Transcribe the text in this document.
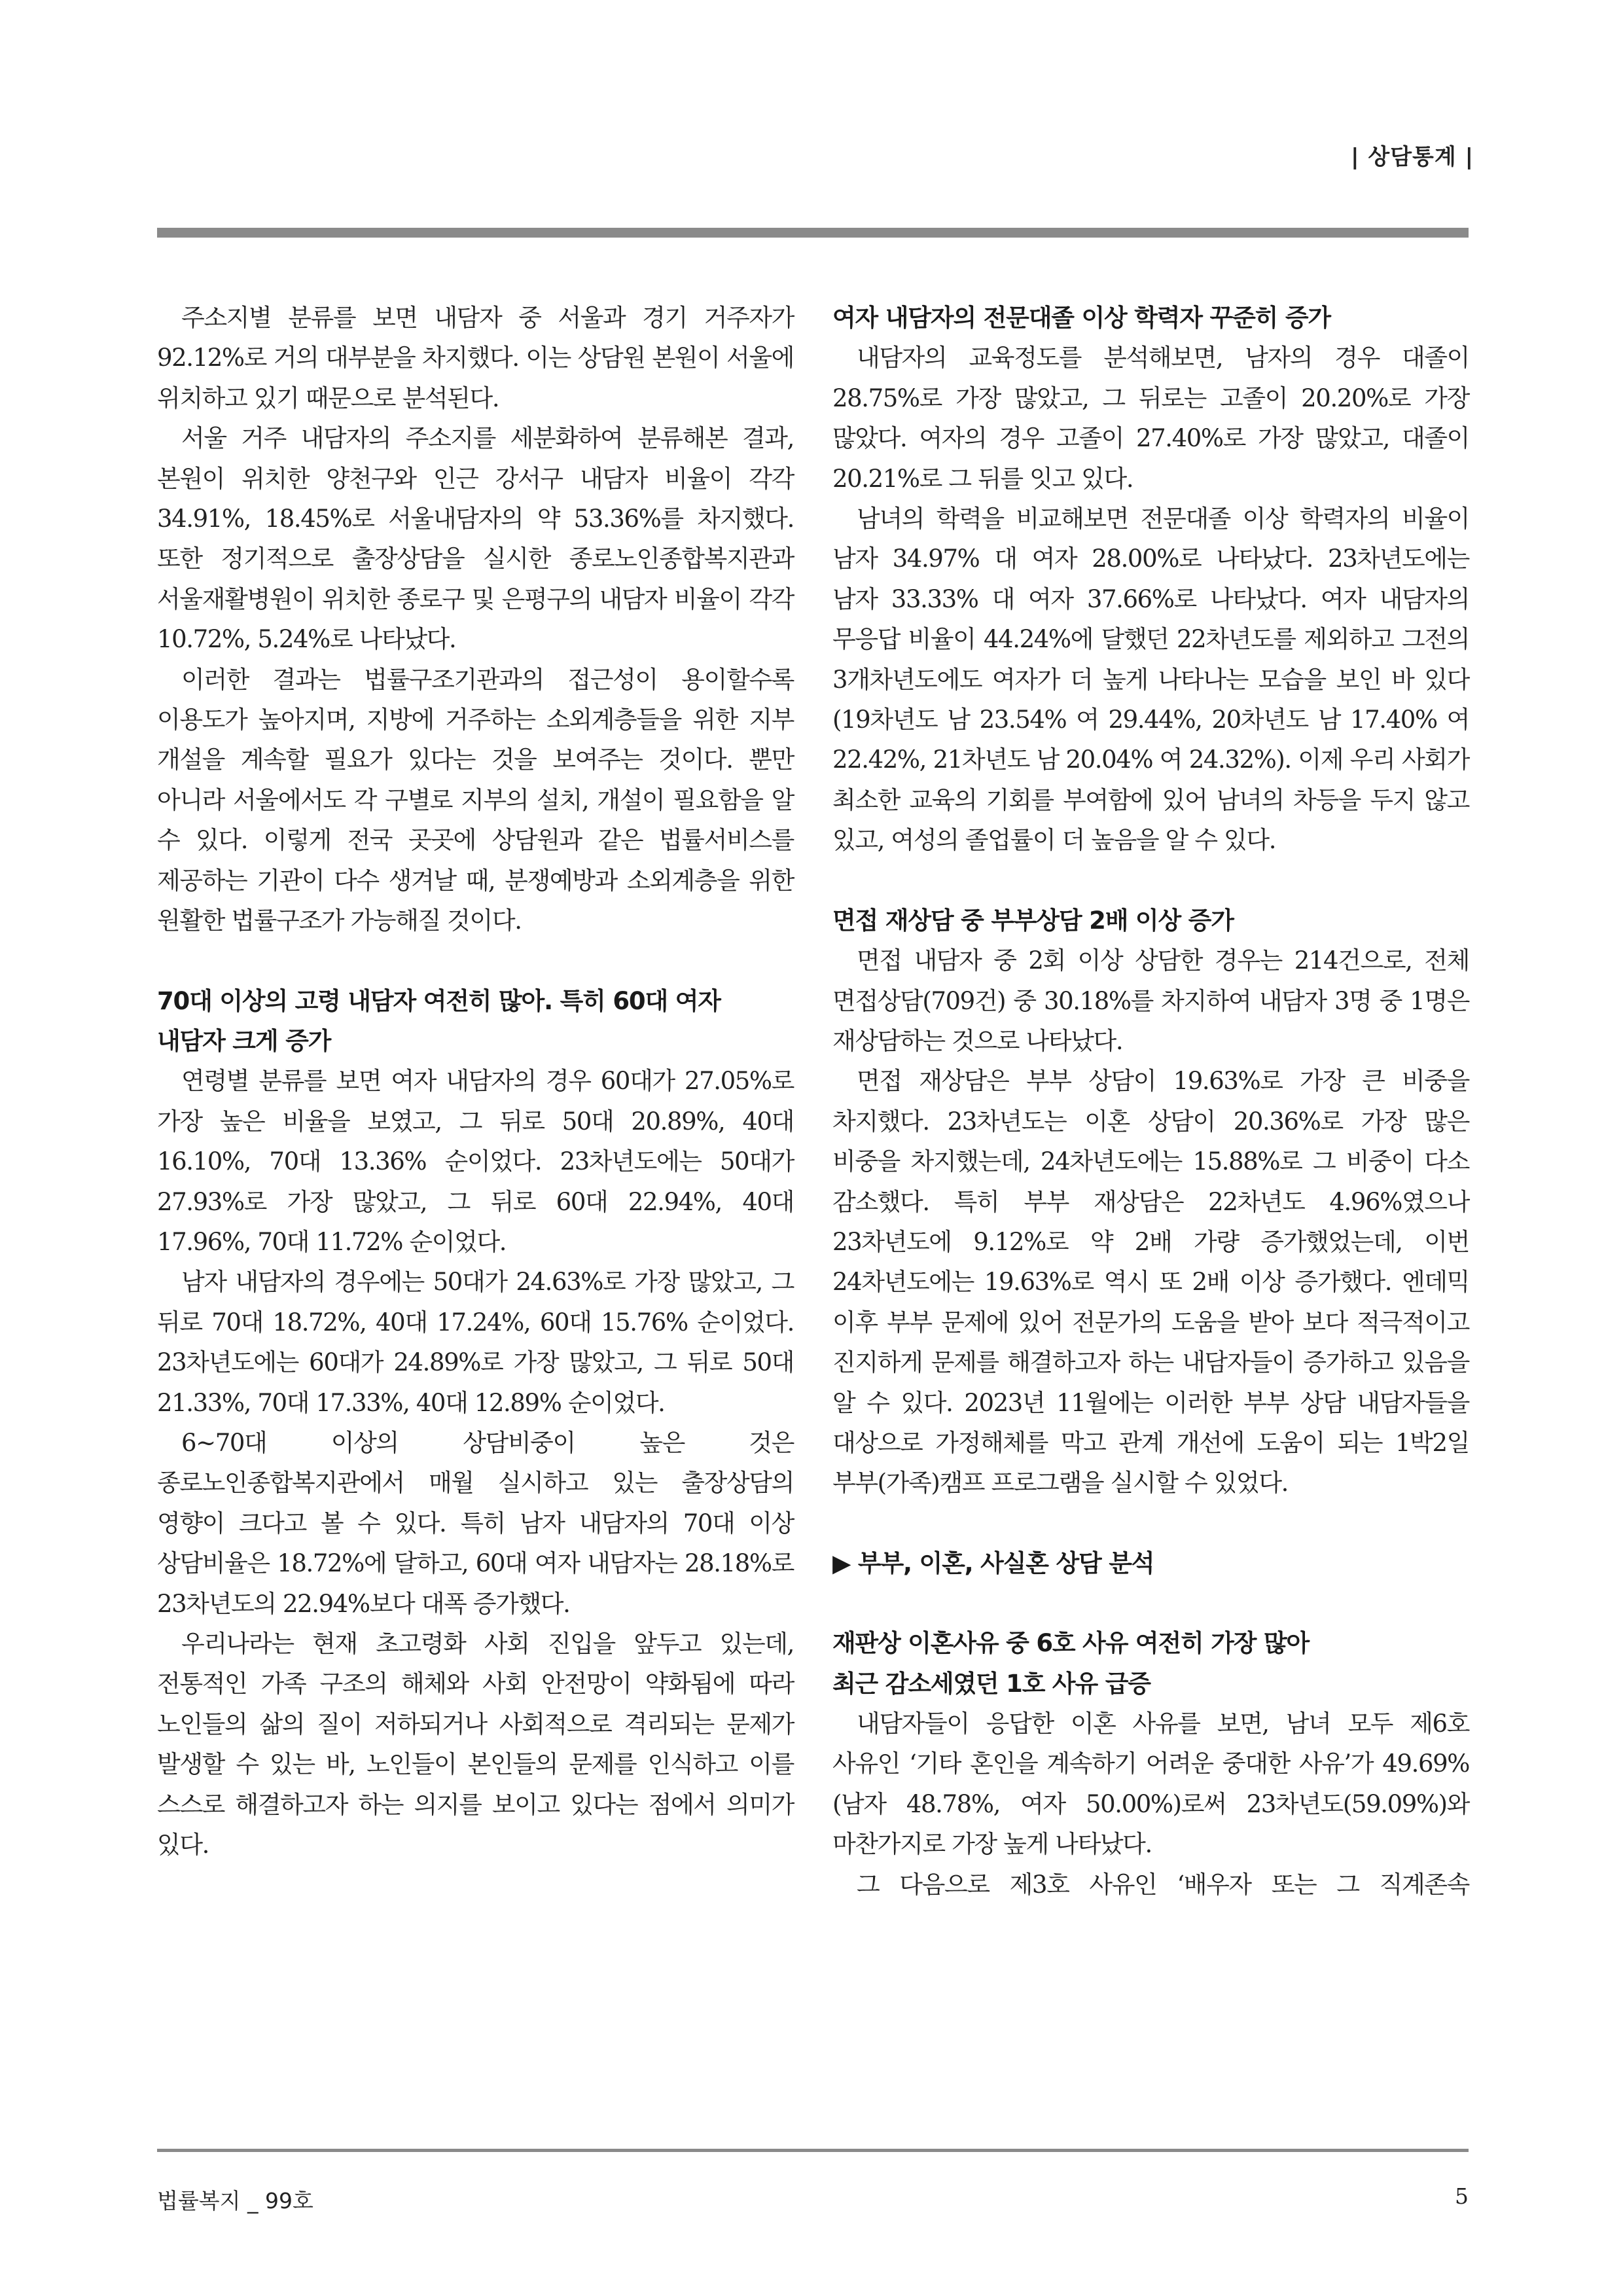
| 상담통계 |

주소지별 분류를 보면 내담자 중 서울과 경기 거주자가 92.12%로 거의 대부분을 차지했다. 이는 상담원 본원이 서울에 위치하고 있기 때문으로 분석된다.

서울 거주 내담자의 주소지를 세분화하여 분류해본 결과, 본원이 위치한 양천구와 인근 강서구 내담자 비율이 각각 34.91%, 18.45%로 서울내담자의 약 53.36%를 차지했다. 또한 정기적으로 출장상담을 실시한 종로노인종합복지관과 서울재활병원이 위치한 종로구 및 은평구의 내담자 비율이 각각 10.72%, 5.24%로 나타났다.

이러한 결과는 법률구조기관과의 접근성이 용이할수록 이용도가 높아지며, 지방에 거주하는 소외계층들을 위한 지부 개설을 계속할 필요가 있다는 것을 보여주는 것이다. 뿐만 아니라 서울에서도 각 구별로 지부의 설치, 개설이 필요함을 알 수 있다. 이렇게 전국 곳곳에 상담원과 같은 법률서비스를 제공하는 기관이 다수 생겨날 때, 분쟁예방과 소외계층을 위한 원활한 법률구조가 가능해질 것이다.

70대 이상의 고령 내담자 여전히 많아. 특히 60대 여자 내담자 크게 증가

연령별 분류를 보면 여자 내담자의 경우 60대가 27.05%로 가장 높은 비율을 보였고, 그 뒤로 50대 20.89%, 40대 16.10%, 70대 13.36% 순이었다. 23차년도에는 50대가 27.93%로 가장 많았고, 그 뒤로 60대 22.94%, 40대 17.96%, 70대 11.72% 순이었다.

남자 내담자의 경우에는 50대가 24.63%로 가장 많았고, 그 뒤로 70대 18.72%, 40대 17.24%, 60대 15.76% 순이었다. 23차년도에는 60대가 24.89%로 가장 많았고, 그 뒤로 50대 21.33%, 70대 17.33%, 40대 12.89% 순이었다.

6~70대 이상의 상담비중이 높은 것은 종로노인종합복지관에서 매월 실시하고 있는 출장상담의 영향이 크다고 볼 수 있다. 특히 남자 내담자의 70대 이상 상담비율은 18.72%에 달하고, 60대 여자 내담자는 28.18%로 23차년도의 22.94%보다 대폭 증가했다.

우리나라는 현재 초고령화 사회 진입을 앞두고 있는데, 전통적인 가족 구조의 해체와 사회 안전망이 약화됨에 따라 노인들의 삶의 질이 저하되거나 사회적으로 격리되는 문제가 발생할 수 있는 바, 노인들이 본인들의 문제를 인식하고 이를 스스로 해결하고자 하는 의지를 보이고 있다는 점에서 의미가 있다.

여자 내담자의 전문대졸 이상 학력자 꾸준히 증가

내담자의 교육정도를 분석해보면, 남자의 경우 대졸이 28.75%로 가장 많았고, 그 뒤로는 고졸이 20.20%로 가장 많았다. 여자의 경우 고졸이 27.40%로 가장 많았고, 대졸이 20.21%로 그 뒤를 잇고 있다.

남녀의 학력을 비교해보면 전문대졸 이상 학력자의 비율이 남자 34.97% 대 여자 28.00%로 나타났다. 23차년도에는 남자 33.33% 대 여자 37.66%로 나타났다. 여자 내담자의 무응답 비율이 44.24%에 달했던 22차년도를 제외하고 그전의 3개차년도에도 여자가 더 높게 나타나는 모습을 보인 바 있다(19차년도 남 23.54% 여 29.44%, 20차년도 남 17.40% 여 22.42%, 21차년도 남 20.04% 여 24.32%). 이제 우리 사회가 최소한 교육의 기회를 부여함에 있어 남녀의 차등을 두지 않고 있고, 여성의 졸업률이 더 높음을 알 수 있다.

면접 재상담 중 부부상담 2배 이상 증가

면접 내담자 중 2회 이상 상담한 경우는 214건으로, 전체 면접상담(709건) 중 30.18%를 차지하여 내담자 3명 중 1명은 재상담하는 것으로 나타났다.

면접 재상담은 부부 상담이 19.63%로 가장 큰 비중을 차지했다. 23차년도는 이혼 상담이 20.36%로 가장 많은 비중을 차지했는데, 24차년도에는 15.88%로 그 비중이 다소 감소했다. 특히 부부 재상담은 22차년도 4.96%였으나 23차년도에 9.12%로 약 2배 가량 증가했었는데, 이번 24차년도에는 19.63%로 역시 또 2배 이상 증가했다. 엔데믹 이후 부부 문제에 있어 전문가의 도움을 받아 보다 적극적이고 진지하게 문제를 해결하고자 하는 내담자들이 증가하고 있음을 알 수 있다. 2023년 11월에는 이러한 부부 상담 내담자들을 대상으로 가정해체를 막고 관계 개선에 도움이 되는 1박2일 부부(가족)캠프 프로그램을 실시할 수 있었다.

▶ 부부, 이혼, 사실혼 상담 분석
재판상 이혼사유 중 6호 사유 여전히 가장 많아
최근 감소세였던 1호 사유 급증

내담자들이 응답한 이혼 사유를 보면, 남녀 모두 제6호 사유인 ‘기타 혼인을 계속하기 어려운 중대한 사유’가 49.69%(남자 48.78%, 여자 50.00%)로써 23차년도(59.09%)와 마찬가지로 가장 높게 나타났다.

그 다음으로 제3호 사유인 ‘배우자 또는 그 직계존속

법률복지 _ 99호	5
